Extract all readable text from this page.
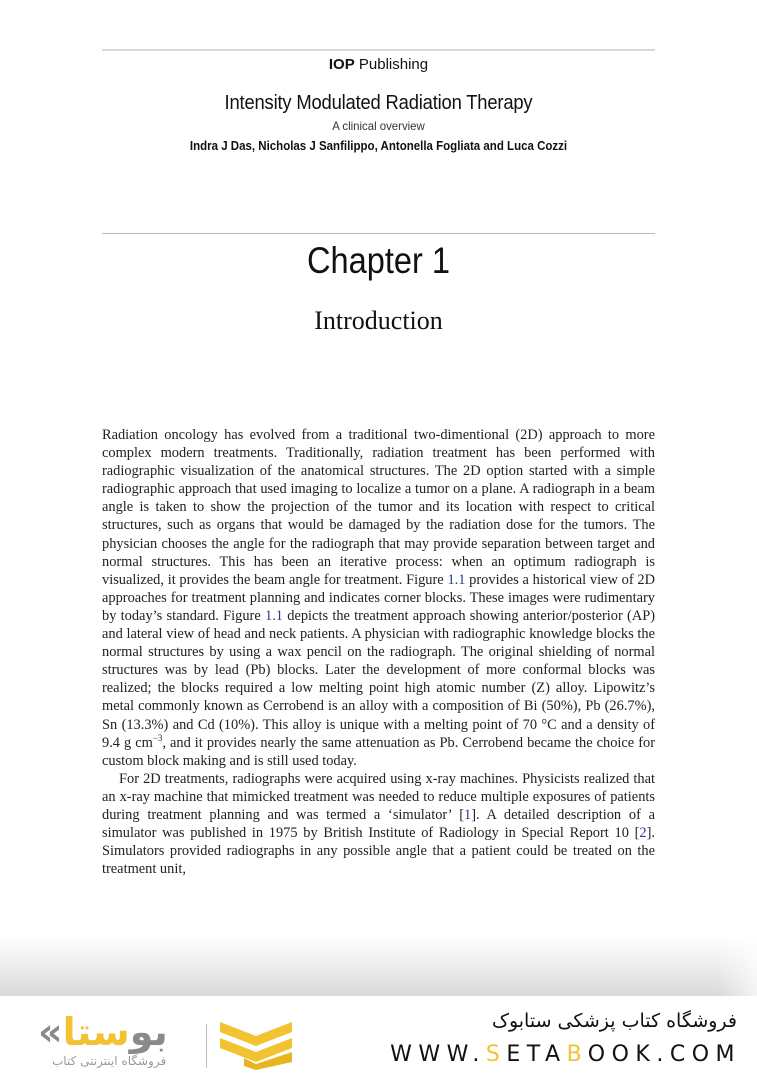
IOP Publishing
Intensity Modulated Radiation Therapy
A clinical overview
Indra J Das, Nicholas J Sanfilippo, Antonella Fogliata and Luca Cozzi
Chapter 1
Introduction

Radiation oncology has evolved from a traditional two-dimentional (2D) approach to more complex modern treatments. Traditionally, radiation treatment has been performed with radiographic visualization of the anatomical structures. The 2D option started with a simple radiographic approach that used imaging to localize a tumor on a plane. A radiograph in a beam angle is taken to show the projection of the tumor and its location with respect to critical structures, such as organs that would be damaged by the radiation dose for the tumors. The physician chooses the angle for the radiograph that may provide separation between target and normal structures. This has been an iterative process: when an optimum radiograph is visualized, it provides the beam angle for treatment. Figure 1.1 provides a historical view of 2D approaches for treatment planning and indicates corner blocks. These images were rudimentary by today’s standard. Figure 1.1 depicts the treatment approach showing anterior/posterior (AP) and lateral view of head and neck patients. A physician with radiographic knowledge blocks the normal structures by using a wax pencil on the radiograph. The original shielding of normal structures was by lead (Pb) blocks. Later the development of more conformal blocks was realized; the blocks required a low melting point high atomic number (Z) alloy. Lipowitz’s metal commonly known as Cerrobend is an alloy with a composition of Bi (50%), Pb (26.7%), Sn (13.3%) and Cd (10%). This alloy is unique with a melting point of 70 °C and a density of 9.4 g $cm^{-3}$, and it provides nearly the same attenuation as Pb. Cerrobend became the choice for custom block making and is still used today.

For 2D treatments, radiographs were acquired using x-ray machines. Physicists realized that an x-ray machine that mimicked treatment was needed to reduce multiple exposures of patients during treatment planning and was termed a ‘simulator’ [1]. A detailed description of a simulator was published in 1975 by British Institute of Radiology in Special Report 10 [2]. Simulators provided radiographs in any possible angle that a patient could be treated on the treatment unit,

«ﺑﻮﺳﺘﺎ
فروشگاه اینترنتی کتاب
فروشگاه کتاب پزشکی ستابوک
WWW.SETABOOK.COM
